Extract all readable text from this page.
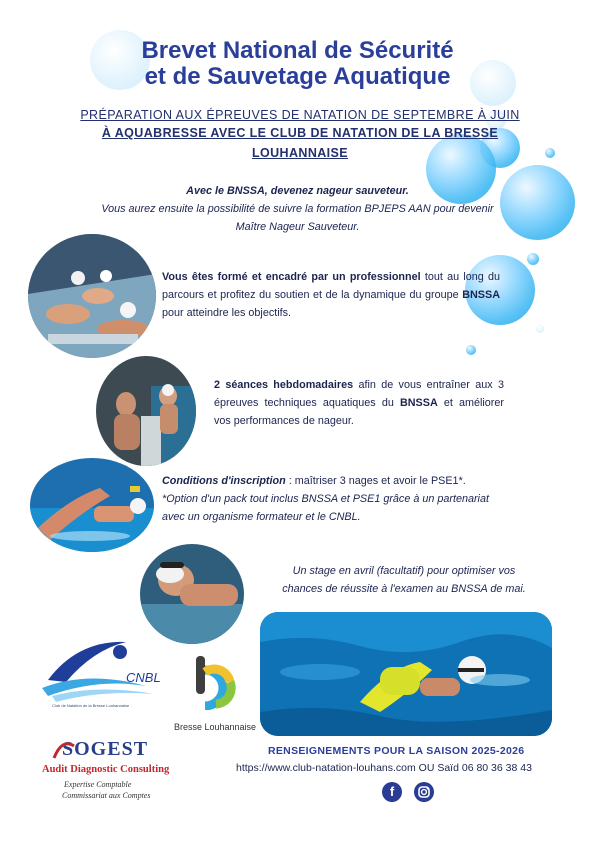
Brevet National de Sécurité
et de Sauvetage Aquatique
PRÉPARATION AUX ÉPREUVES DE NATATION DE SEPTEMBRE À JUIN
À AQUABRESSE AVEC LE CLUB DE NATATION DE LA BRESSE
LOUHANNAISE
Avec le BNSSA, devenez nageur sauveteur.
Vous aurez ensuite la possibilité de suivre la formation BPJEPS AAN pour devenir
Maître Nageur Sauveteur.
Vous êtes formé et encadré par un professionnel tout au long du parcours et profitez du soutien et de la dynamique du groupe BNSSA pour atteindre les objectifs.
2 séances hebdomadaires afin de vous entraîner aux 3 épreuves techniques aquatiques du BNSSA et améliorer vos performances de nageur.
Conditions d'inscription : maîtriser 3 nages et avoir le PSE1*.
*Option d'un pack tout inclus BNSSA et PSE1 grâce à un partenariat avec un organisme formateur et le CNBL.
Un stage en avril (facultatif) pour optimiser vos
chances de réussite à l'examen au BNSSA de mai.
CNBL
Club de Natation de la Bresse Louhannaise
Bresse Louhannaise
SOGEST
Audit Diagnostic Consulting
Expertise Comptable
Commissariat aux Comptes
RENSEIGNEMENTS POUR LA SAISON 2025-2026
https://www.club-natation-louhans.com OU Saïd 06 80 36 38 43
f
